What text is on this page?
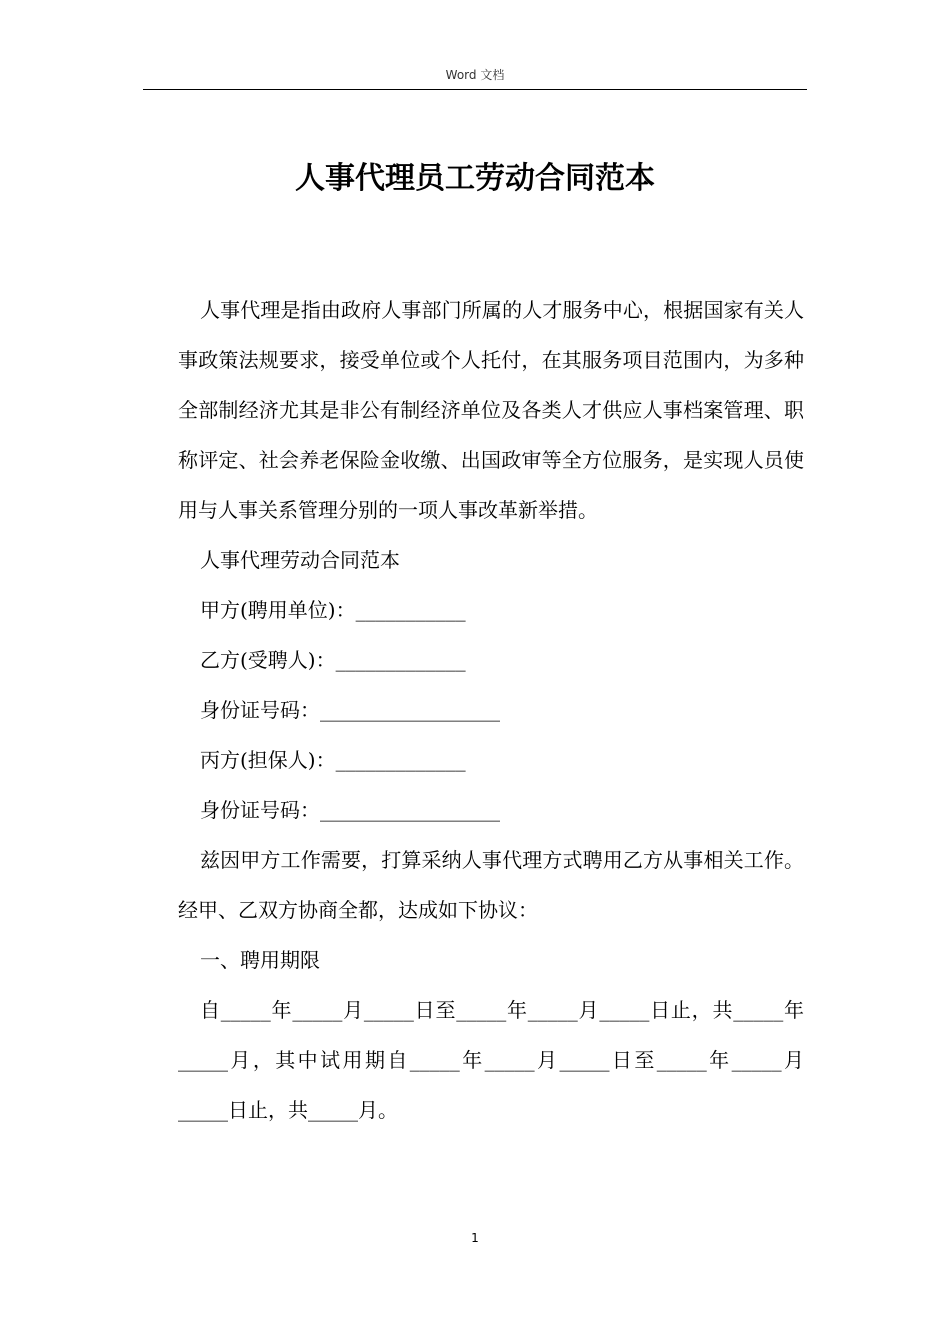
Word 文档
人事代理员工劳动合同范本

人事代理是指由政府人事部门所属的人才服务中心，根据国家有关人事政策法规要求，接受单位或个人托付，在其服务项目范围内，为多种全部制经济尤其是非公有制经济单位及各类人才供应人事档案管理、职称评定、社会养老保险金收缴、出国政审等全方位服务，是实现人员使用与人事关系管理分别的一项人事改革新举措。

人事代理劳动合同范本

甲方(聘用单位)：___________

乙方(受聘人)：_____________

身份证号码：__________________

丙方(担保人)：_____________

身份证号码：__________________

兹因甲方工作需要，打算采纳人事代理方式聘用乙方从事相关工作。经甲、乙双方协商全都，达成如下协议：

一、聘用期限

自_____年_____月_____日至_____年_____月_____日止，共_____年_____月，其中试用期自_____年_____月_____日至_____年_____月_____日止，共_____月。

1
